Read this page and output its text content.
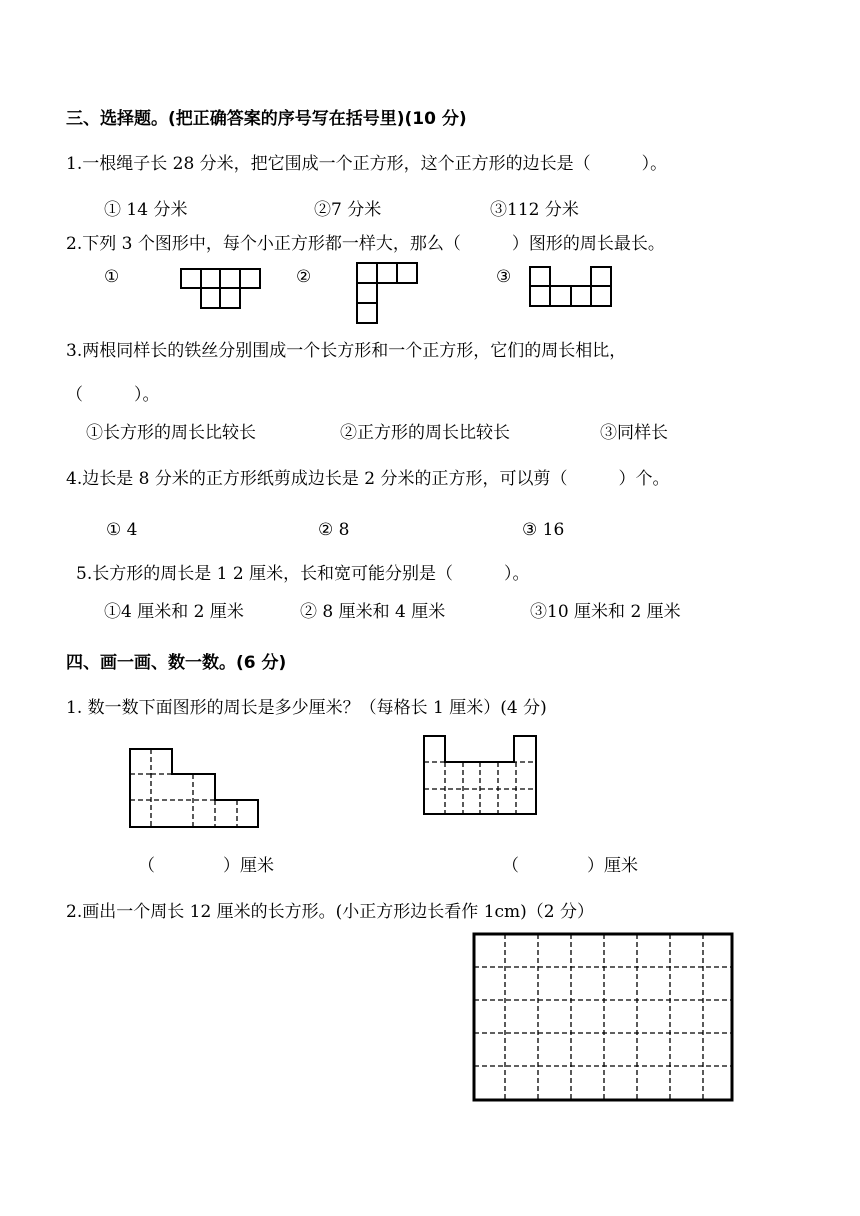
三、选择题。(把正确答案的序号写在括号里)(10 分)
1.一根绳子长 28 分米，把它围成一个正方形，这个正方形的边长是（　　　）。
① 14 分米	②7 分米	③112 分米
2.下列 3 个图形中，每个小正方形都一样大，那么（　　　）图形的周长最长。
①	②	③
3.两根同样长的铁丝分别围成一个长方形和一个正方形，它们的周长相比，
（　　　）。
①长方形的周长比较长	②正方形的周长比较长	③同样长
4.边长是 8 分米的正方形纸剪成边长是 2 分米的正方形，可以剪（　　　）个。
① 4	② 8	③ 16
5.长方形的周长是 1 2 厘米，长和宽可能分别是（　　　）。
①4 厘米和 2 厘米	② 8 厘米和 4 厘米	③10 厘米和 2 厘米
四、画一画、数一数。(6 分)
1. 数一数下面图形的周长是多少厘米？（每格长 1 厘米）(4 分)
（　　　　）厘米	（　　　　）厘米
2.画出一个周长 12 厘米的长方形。(小正方形边长看作 1cm)（2 分）
